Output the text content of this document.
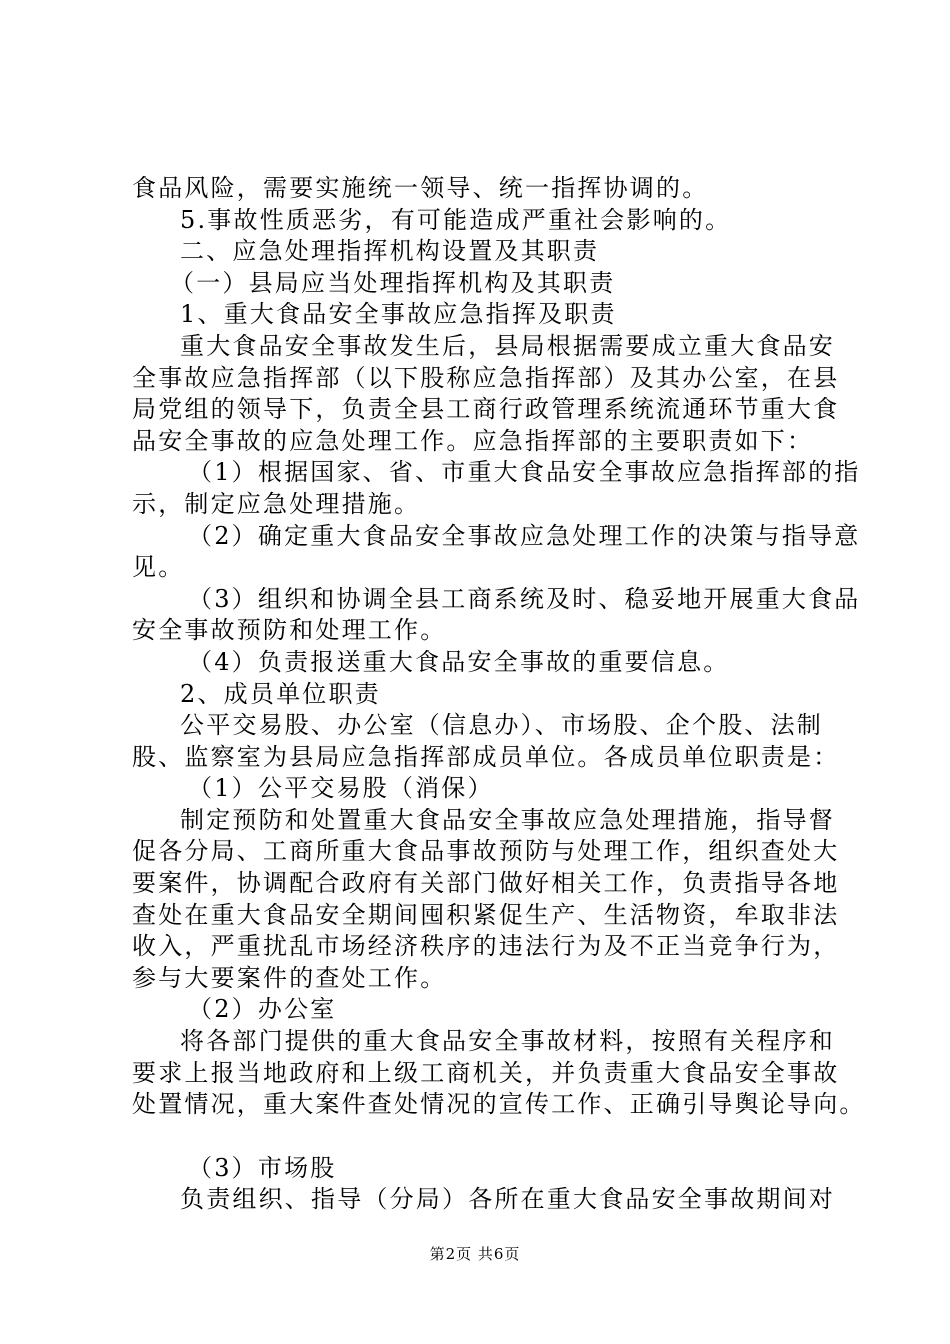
食品风险，需要实施统一领导、统一指挥协调的。
5.事故性质恶劣，有可能造成严重社会影响的。
二、应急处理指挥机构设置及其职责
（一）县局应当处理指挥机构及其职责
1、重大食品安全事故应急指挥及职责
重大食品安全事故发生后，县局根据需要成立重大食品安
全事故应急指挥部（以下股称应急指挥部）及其办公室，在县
局党组的领导下，负责全县工商行政管理系统流通环节重大食
品安全事故的应急处理工作。应急指挥部的主要职责如下：
（1）根据国家、省、市重大食品安全事故应急指挥部的指
示，制定应急处理措施。
（2）确定重大食品安全事故应急处理工作的决策与指导意
见。
（3）组织和协调全县工商系统及时、稳妥地开展重大食品
安全事故预防和处理工作。
（4）负责报送重大食品安全事故的重要信息。
2、成员单位职责
公平交易股、办公室（信息办）、市场股、企个股、法制
股、监察室为县局应急指挥部成员单位。各成员单位职责是：
（1）公平交易股（消保）
制定预防和处置重大食品安全事故应急处理措施，指导督
促各分局、工商所重大食品事故预防与处理工作，组织查处大
要案件，协调配合政府有关部门做好相关工作，负责指导各地
查处在重大食品安全期间囤积紧促生产、生活物资，牟取非法
收入，严重扰乱市场经济秩序的违法行为及不正当竞争行为，
参与大要案件的查处工作。
（2）办公室
将各部门提供的重大食品安全事故材料，按照有关程序和
要求上报当地政府和上级工商机关，并负责重大食品安全事故
处置情况，重大案件查处情况的宣传工作、正确引导舆论导向。
（3）市场股
负责组织、指导（分局）各所在重大食品安全事故期间对
第2页 共6页
